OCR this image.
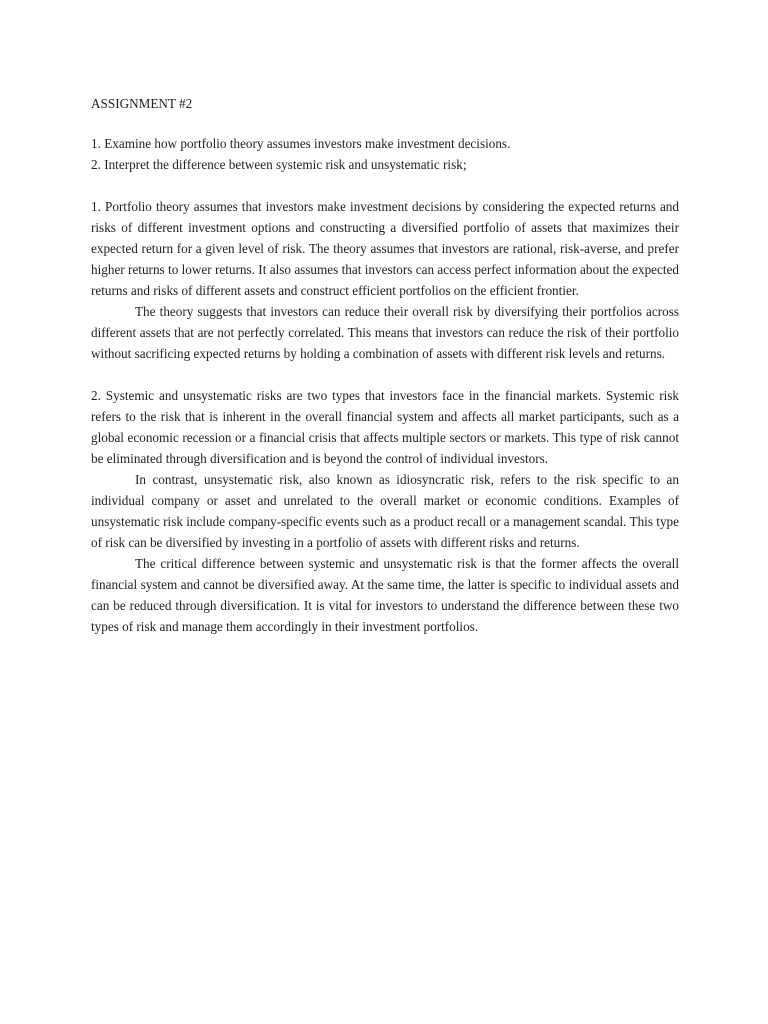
ASSIGNMENT #2

1. Examine how portfolio theory assumes investors make investment decisions.

2. Interpret the difference between systemic risk and unsystematic risk;

1. Portfolio theory assumes that investors make investment decisions by considering the expected returns and risks of different investment options and constructing a diversified portfolio of assets that maximizes their expected return for a given level of risk. The theory assumes that investors are rational, risk-averse, and prefer higher returns to lower returns. It also assumes that investors can access perfect information about the expected returns and risks of different assets and construct efficient portfolios on the efficient frontier.

The theory suggests that investors can reduce their overall risk by diversifying their portfolios across different assets that are not perfectly correlated. This means that investors can reduce the risk of their portfolio without sacrificing expected returns by holding a combination of assets with different risk levels and returns.

2. Systemic and unsystematic risks are two types that investors face in the financial markets. Systemic risk refers to the risk that is inherent in the overall financial system and affects all market participants, such as a global economic recession or a financial crisis that affects multiple sectors or markets. This type of risk cannot be eliminated through diversification and is beyond the control of individual investors.

In contrast, unsystematic risk, also known as idiosyncratic risk, refers to the risk specific to an individual company or asset and unrelated to the overall market or economic conditions. Examples of unsystematic risk include company-specific events such as a product recall or a management scandal. This type of risk can be diversified by investing in a portfolio of assets with different risks and returns.

The critical difference between systemic and unsystematic risk is that the former affects the overall financial system and cannot be diversified away. At the same time, the latter is specific to individual assets and can be reduced through diversification. It is vital for investors to understand the difference between these two types of risk and manage them accordingly in their investment portfolios.
